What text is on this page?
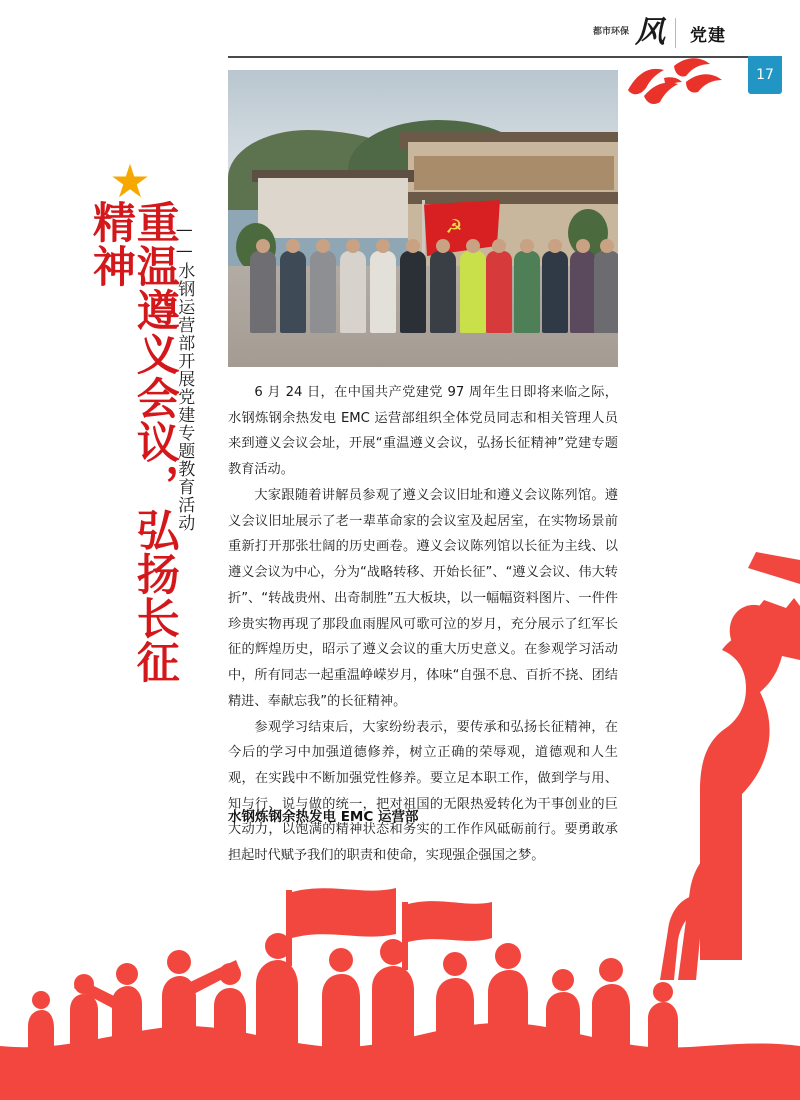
都市环保 风	党建
17
★
重温遵义会议，弘扬长征精神	——水钢运营部开展党建专题教育活动	☭

6 月 24 日，在中国共产党建党 97 周年生日即将来临之际，水钢炼钢余热发电 EMC 运营部组织全体党员同志和相关管理人员来到遵义会议会址，开展“重温遵义会议，弘扬长征精神”党建专题教育活动。

大家跟随着讲解员参观了遵义会议旧址和遵义会议陈列馆。遵义会议旧址展示了老一辈革命家的会议室及起居室，在实物场景前重新打开那张壮阔的历史画卷。遵义会议陈列馆以长征为主线、以遵义会议为中心，分为“战略转移、开始长征”、“遵义会议、伟大转折”、“转战贵州、出奇制胜”五大板块，以一幅幅资料图片、一件件珍贵实物再现了那段血雨腥风可歌可泣的岁月，充分展示了红军长征的辉煌历史，昭示了遵义会议的重大历史意义。在参观学习活动中，所有同志一起重温峥嵘岁月，体味“自强不息、百折不挠、团结精进、奉献忘我”的长征精神。

参观学习结束后，大家纷纷表示，要传承和弘扬长征精神，在今后的学习中加强道德修养，树立正确的荣辱观，道德观和人生观，在实践中不断加强党性修养。要立足本职工作，做到学与用、知与行、说与做的统一，把对祖国的无限热爱转化为干事创业的巨大动力，以饱满的精神状态和务实的工作作风砥砺前行。要勇敢承担起时代赋予我们的职责和使命，实现强企强国之梦。

水钢炼钢余热发电 EMC 运营部
